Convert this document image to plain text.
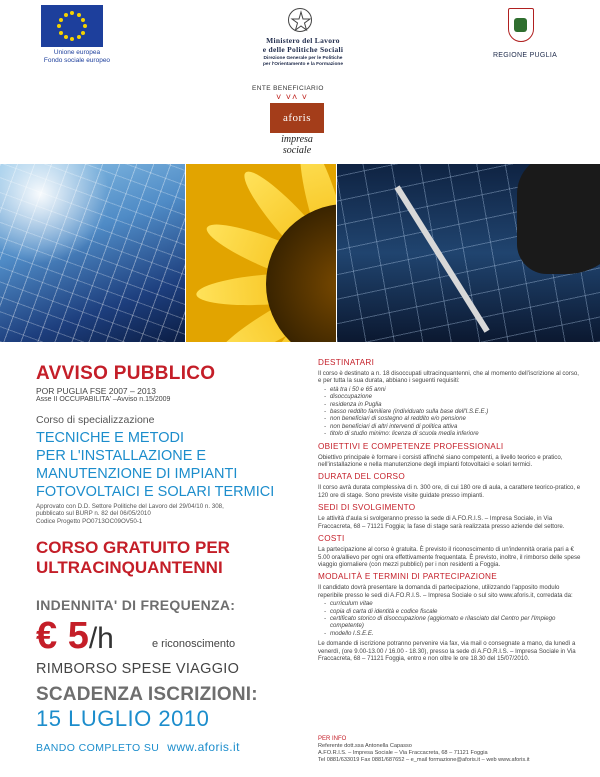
Unione europea
Fondo sociale europeo
Ministero del Lavoro
e delle Politiche Sociali
Direzione Generale per le Politiche
per l'Orientamento e la Formazione
REGIONE PUGLIA
ENTE BENEFICIARIO
˅ ˅˄ ˅
aforis
impresa sociale
AVVISO PUBBLICO
POR PUGLIA FSE 2007 – 2013
Asse II OCCUPABILITA' –Avviso n.15/2009
Corso di specializzazione
TECNICHE E METODI
PER L'INSTALLAZIONE E
MANUTENZIONE DI IMPIANTI
FOTOVOLTAICI E SOLARI TERMICI
Approvato con D.D. Settore Politiche del Lavoro del 29/04/10 n. 308,
pubblicato sul BURP n. 82 del 06/05/2010
Codice Progetto PO0713OC09OV50-1
CORSO GRATUITO PER
ULTRACINQUANTENNI
INDENNITA' DI FREQUENZA:
€ 5/h	e riconoscimento
RIMBORSO SPESE VIAGGIO
SCADENZA ISCRIZIONI:
15 LUGLIO 2010
BANDO COMPLETO SU www.aforis.it
DESTINATARI

Il corso è destinato a n. 18 disoccupati ultracinquantenni, che al momento dell'iscrizione al corso, e per tutta la sua durata, abbiano i seguenti requisiti:

- età tra i 50 e 65 anni
- disoccupazione
- residenza in Puglia
- basso reddito familiare (individuato sulla base dell'I.S.E.E.)
- non beneficiari di sostegno al reddito e/o pensione
- non beneficiari di altri interventi di politica attiva
- titolo di studio minimo: licenza di scuola media inferiore
OBIETTIVI E COMPETENZE PROFESSIONALI

Obiettivo principale è formare i corsisti affinché siano competenti, a livello teorico e pratico, nell'installazione e nella manutenzione degli impianti fotovoltaici e solari termici.

DURATA DEL CORSO

Il corso avrà durata complessiva di n. 300 ore, di cui 180 ore di aula, a carattere teorico-pratico, e 120 ore di stage. Sono previste visite guidate presso impianti.

SEDI DI SVOLGIMENTO

Le attività d'aula si svolgeranno presso la sede di A.FO.R.I.S. – Impresa Sociale, in Via Fraccacreta, 68 – 71121 Foggia; la fase di stage sarà realizzata presso aziende del settore.

COSTI

La partecipazione al corso è gratuita. È previsto il riconoscimento di un'indennità oraria pari a € 5.00 ora/allievo per ogni ora effettivamente frequentata. È previsto, inoltre, il rimborso delle spese viaggio giornaliere (con mezzi pubblici) per i non residenti a Foggia.

MODALITÀ E TERMINI DI PARTECIPAZIONE

Il candidato dovrà presentare la domanda di partecipazione, utilizzando l'apposito modulo reperibile presso le sedi di A.FO.R.I.S. – Impresa Sociale o sul sito www.aforis.it, corredata da:

- curriculum vitae
- copia di carta di identità e codice fiscale
- certificato storico di disoccupazione (aggiornato e rilasciato dal Centro per l'Impiego competente)
- modello I.S.E.E.

Le domande di iscrizione potranno pervenire via fax, via mail o consegnate a mano, da lunedì a venerdì, (ore 9.00-13.00 / 16.00 - 18.30), presso la sede di A.FO.R.I.S. – Impresa Sociale in Via Fraccacreta, 68 – 71121 Foggia, entro e non oltre le ore 18.30 del 15/07/2010.

PER INFO
Referente dott.ssa Antonella Capasso
A.FO.R.I.S. – Impresa Sociale – Via Fraccacreta, 68 – 71121 Foggia
Tel 0881/633019 Fax 0881/687652 – e_mail formazione@aforis.it – web www.aforis.it
